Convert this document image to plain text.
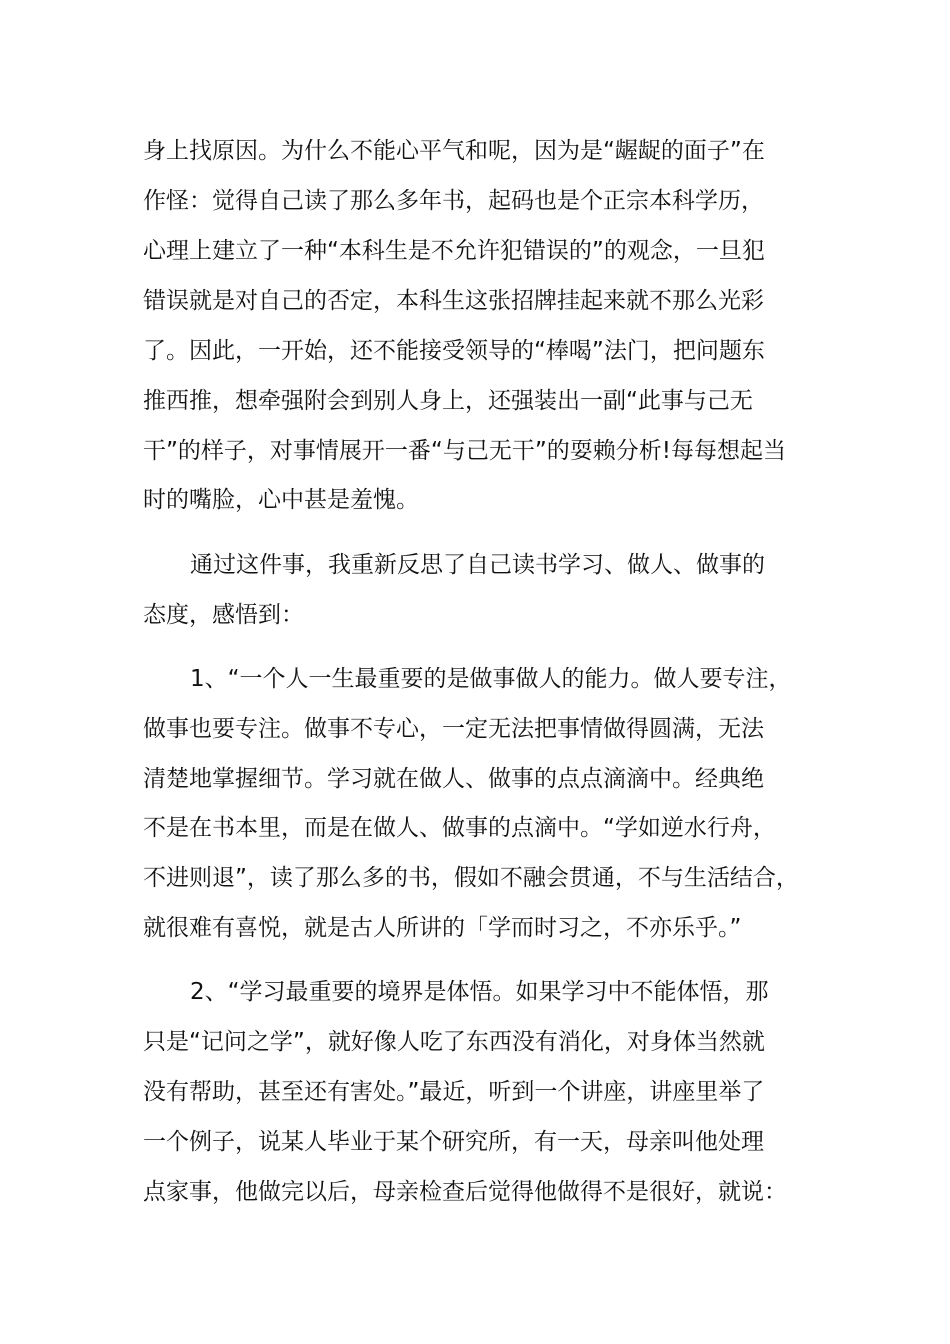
身上找原因。为什么不能心平气和呢，因为是“龌龊的面子”在
作怪：觉得自己读了那么多年书，起码也是个正宗本科学历，
心理上建立了一种“本科生是不允许犯错误的”的观念，一旦犯
错误就是对自己的否定，本科生这张招牌挂起来就不那么光彩
了。因此，一开始，还不能接受领导的“棒喝”法门，把问题东
推西推，想牵强附会到别人身上，还强装出一副“此事与己无
干”的样子，对事情展开一番“与己无干”的耍赖分析!每每想起当
时的嘴脸，心中甚是羞愧。
通过这件事，我重新反思了自己读书学习、做人、做事的
态度，感悟到：
1、“一个人一生最重要的是做事做人的能力。做人要专注，
做事也要专注。做事不专心，一定无法把事情做得圆满，无法
清楚地掌握细节。学习就在做人、做事的点点滴滴中。经典绝
不是在书本里，而是在做人、做事的点滴中。“学如逆水行舟，
不进则退”，读了那么多的书，假如不融会贯通，不与生活结合，
就很难有喜悦，就是古人所讲的「学而时习之，不亦乐乎。”
2、“学习最重要的境界是体悟。如果学习中不能体悟，那
只是“记问之学”，就好像人吃了东西没有消化，对身体当然就
没有帮助，甚至还有害处。”最近，听到一个讲座，讲座里举了
一个例子，说某人毕业于某个研究所，有一天，母亲叫他处理
点家事，他做完以后，母亲检查后觉得他做得不是很好，就说：
